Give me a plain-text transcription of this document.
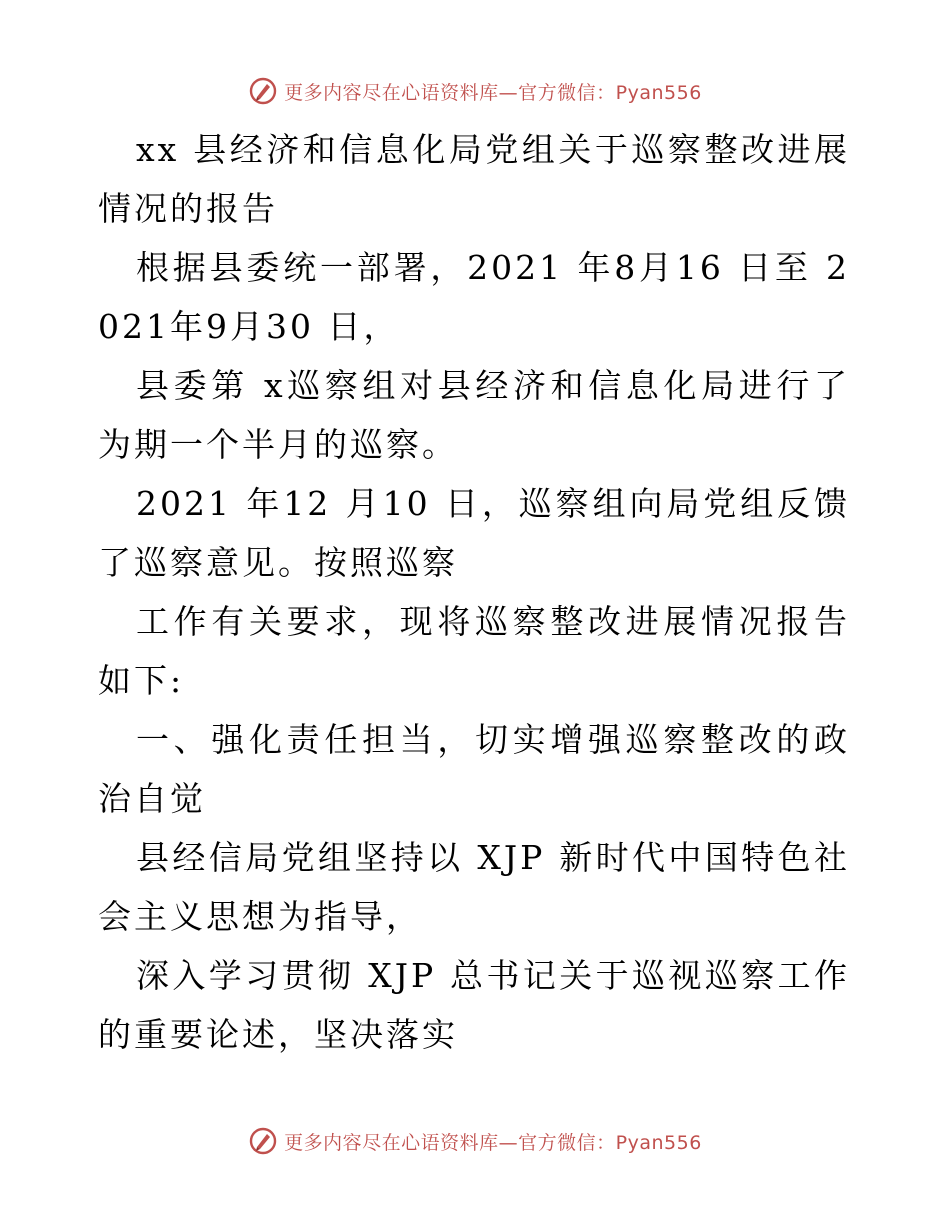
更多内容尽在心语资料库—官方微信：Pyan556

xx 县经济和信息化局党组关于巡察整改进展情况的报告

根据县委统一部署，2021 年8月16 日至 2021年9月30 日，

县委第 x巡察组对县经济和信息化局进行了为期一个半月的巡察。

2021 年12 月10 日，巡察组向局党组反馈了巡察意见。按照巡察

工作有关要求，现将巡察整改进展情况报告如下:

一、强化责任担当，切实增强巡察整改的政治自觉

县经信局党组坚持以 XJP 新时代中国特色社会主义思想为指导，

深入学习贯彻 XJP 总书记关于巡视巡察工作的重要论述，坚决落实

更多内容尽在心语资料库—官方微信：Pyan556
